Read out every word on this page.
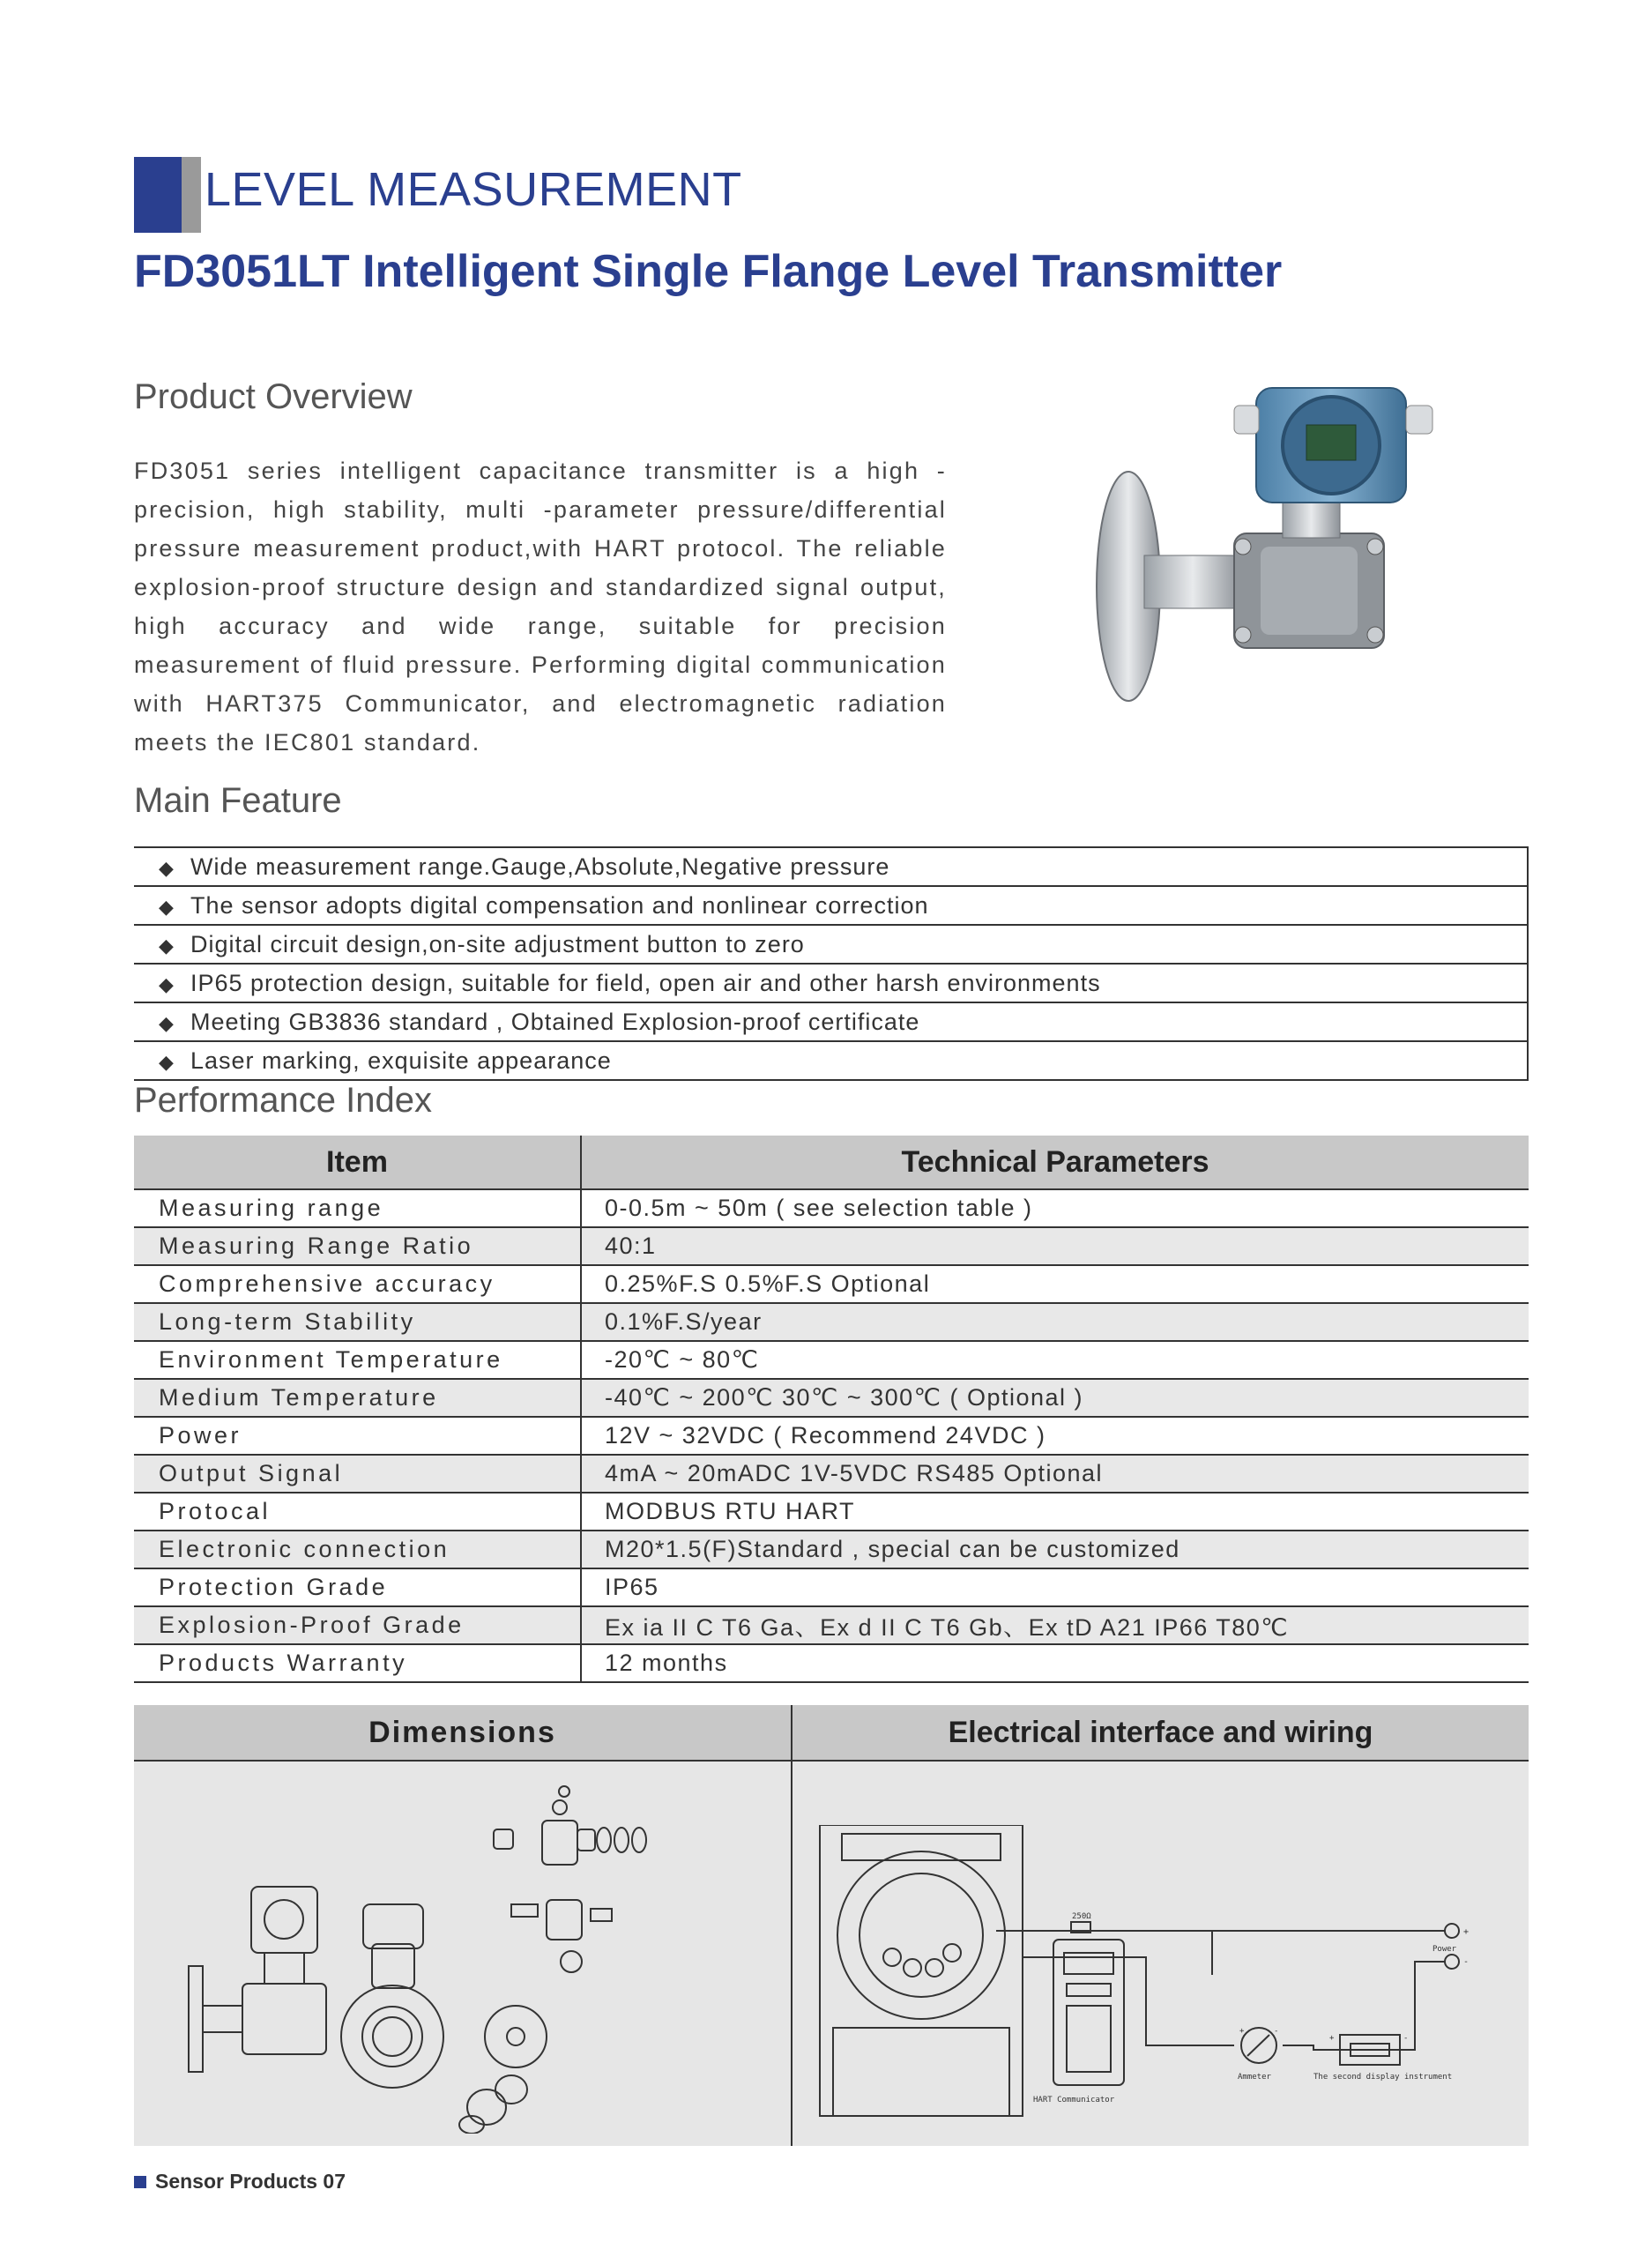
LEVEL MEASUREMENT
FD3051LT Intelligent Single Flange Level Transmitter
Product Overview
FD3051 series intelligent capacitance transmitter is a high -precision, high stability, multi -parameter pressure/differential pressure measurement product,with HART protocol. The reliable explosion-proof structure design and standardized signal output, high accuracy and wide range, suitable for precision measurement of fluid pressure. Performing digital communication with HART375 Communicator, and electromagnetic radiation meets the IEC801 standard.
Main Feature
◆ Wide measurement range.Gauge,Absolute,Negative pressure
◆ The sensor adopts digital compensation and nonlinear correction
◆ Digital circuit design,on-site adjustment button to zero
◆ IP65 protection design, suitable for field, open air and other harsh environments
◆ Meeting GB3836 standard , Obtained Explosion-proof certificate
◆ Laser marking, exquisite appearance
Performance Index
Item	Technical Parameters
Measuring range	0-0.5m ~ 50m ( see selection table )
Measuring Range Ratio	40:1
Comprehensive accuracy	0.25%F.S 0.5%F.S Optional
Long-term Stability	0.1%F.S/year
Environment Temperature	-20℃ ~ 80℃
Medium Temperature	-40℃ ~ 200℃ 30℃ ~ 300℃ ( Optional )
Power	12V ~ 32VDC ( Recommend 24VDC )
Output Signal	4mA ~ 20mADC 1V-5VDC RS485 Optional
Protocal	MODBUS RTU HART
Electronic connection	M20*1.5(F)Standard , special can be customized
Protection Grade	IP65
Explosion-Proof Grade	Ex ia II C T6 Ga、Ex d II C T6 Gb、Ex tD A21 IP66 T80℃
Products Warranty	12 months
Dimensions	Electrical interface and wiring
250Ω
Power
+
-
+	-
+	-
Ammeter	The second display instrument
HART Communicator
Sensor Products 07
